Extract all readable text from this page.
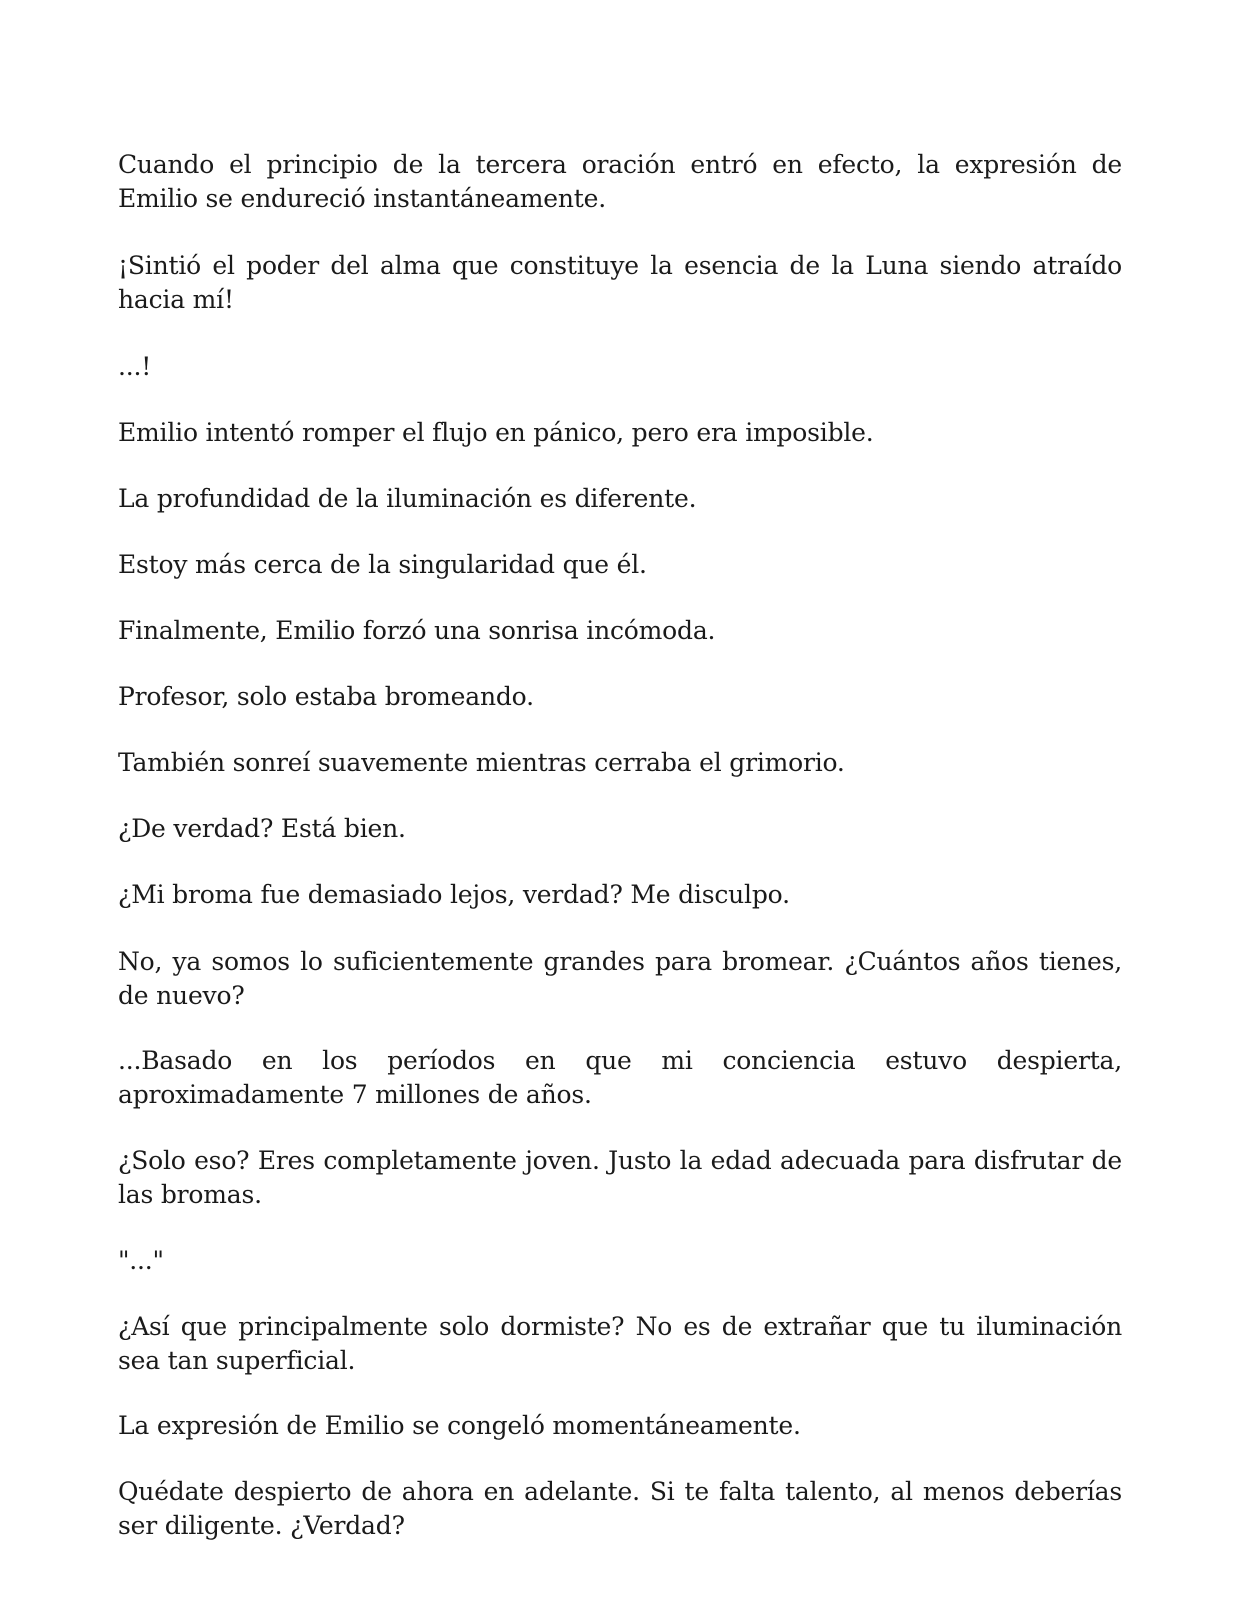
Cuando el principio de la tercera oración entró en efecto, la expresión de Emilio se endureció instantáneamente.

¡Sintió el poder del alma que constituye la esencia de la Luna siendo atraído hacia mí!

...!

Emilio intentó romper el flujo en pánico, pero era imposible.

La profundidad de la iluminación es diferente.

Estoy más cerca de la singularidad que él.

Finalmente, Emilio forzó una sonrisa incómoda.

Profesor, solo estaba bromeando.

También sonreí suavemente mientras cerraba el grimorio.

¿De verdad? Está bien.

¿Mi broma fue demasiado lejos, verdad? Me disculpo.

No, ya somos lo suficientemente grandes para bromear. ¿Cuántos años tienes, de nuevo?

...Basado en los períodos en que mi conciencia estuvo despierta, aproximadamente 7 millones de años.

¿Solo eso? Eres completamente joven. Justo la edad adecuada para disfrutar de las bromas.

"..."

¿Así que principalmente solo dormiste? No es de extrañar que tu iluminación sea tan superficial.

La expresión de Emilio se congeló momentáneamente.

Quédate despierto de ahora en adelante. Si te falta talento, al menos deberías ser diligente. ¿Verdad?
